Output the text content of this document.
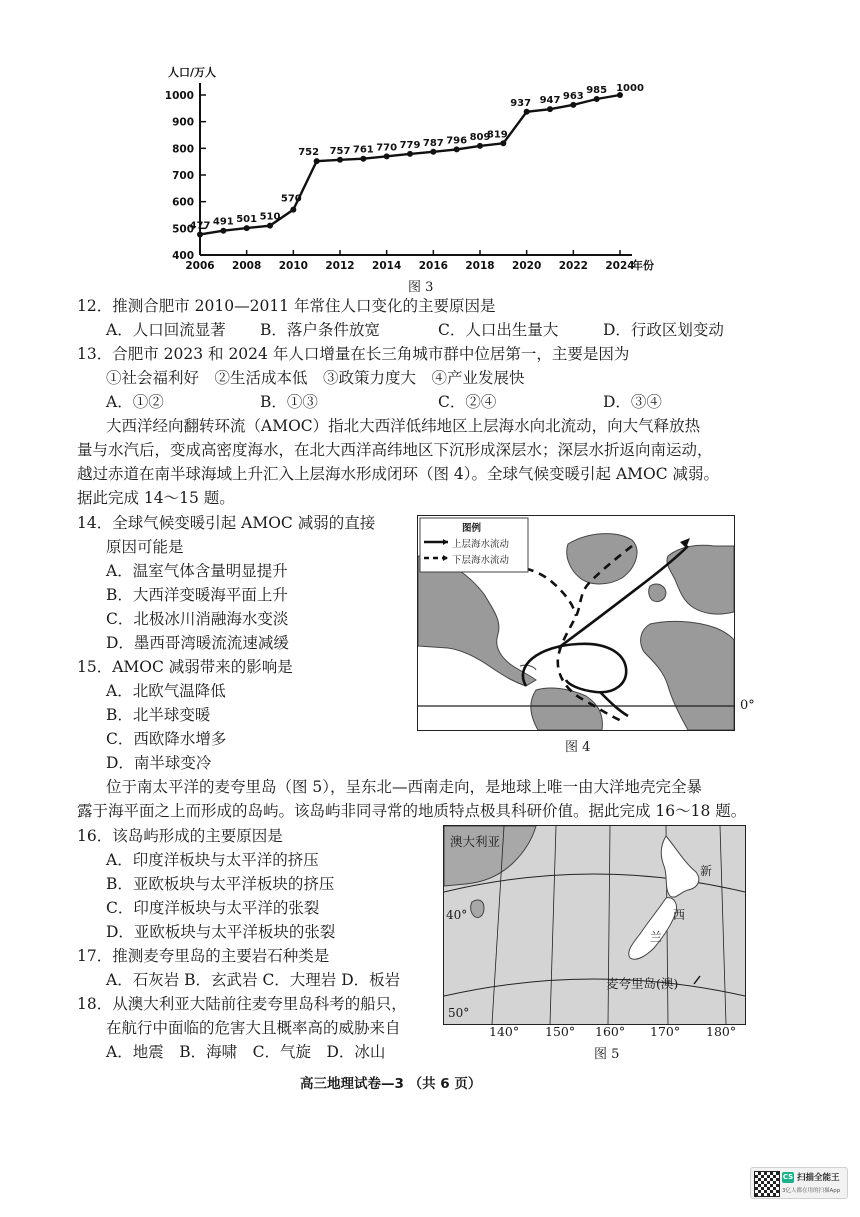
400
500
600
700
800
900
1000
2006 2008 2010 2012 2014 2016 2018 2020 2022 2024
人口/万人
年份
477 491 501 510
570
752 757 761 770 779 787 796 809
819
937 947 963
985 1000
图 3
12．推测合肥市 2010—2011 年常住人口变化的主要原因是
A．人口回流显著 B．落户条件放宽	C．人口出生量大	D．行政区划变动
13．合肥市 2023 和 2024 年人口增量在长三角城市群中位居第一，主要是因为
①社会福利好　②生活成本低　③政策力度大　④产业发展快
A．①②	B．①③	C．②④	D．③④
大西洋经向翻转环流（AMOC）指北大西洋低纬地区上层海水向北流动，向大气释放热
量与水汽后，变成高密度海水，在北大西洋高纬地区下沉形成深层水；深层水折返向南运动，
越过赤道在南半球海域上升汇入上层海水形成闭环（图 4）。全球气候变暖引起 AMOC 减弱。
据此完成 14～15 题。
14．全球气候变暖引起 AMOC 减弱的直接
原因可能是
A．温室气体含量明显提升
B．大西洋变暖海平面上升
C．北极冰川消融海水变淡
D．墨西哥湾暖流流速减缓
15．AMOC 减弱带来的影响是
A．北欧气温降低
B．北半球变暖
C．西欧降水增多
D．南半球变冷
图例
上层海水流动
下层海水流动
0°
图 4
位于南太平洋的麦夸里岛（图 5），呈东北—西南走向，是地球上唯一由大洋地壳完全暴
露于海平面之上而形成的岛屿。该岛屿非同寻常的地质特点极具科研价值。据此完成 16～18 题。
16．该岛屿形成的主要原因是
A．印度洋板块与太平洋的挤压
B．亚欧板块与太平洋板块的挤压
C．印度洋板块与太平洋的张裂
D．亚欧板块与太平洋板块的张裂
17．推测麦夸里岛的主要岩石种类是
A．石灰岩 B．玄武岩 C．大理岩 D．板岩
18．从澳大利亚大陆前往麦夸里岛科考的船只，
在航行中面临的危害大且概率高的威胁来自
A．地震　B．海啸　C．气旋　D．冰山
澳大利亚
新
西
兰
麦夸里岛(澳)
40°
50°
140° 150° 160° 170° 180°
图 5
高三地理试卷—3 （共 6 页）
CS 扫描全能王
3亿人都在用的扫描App
